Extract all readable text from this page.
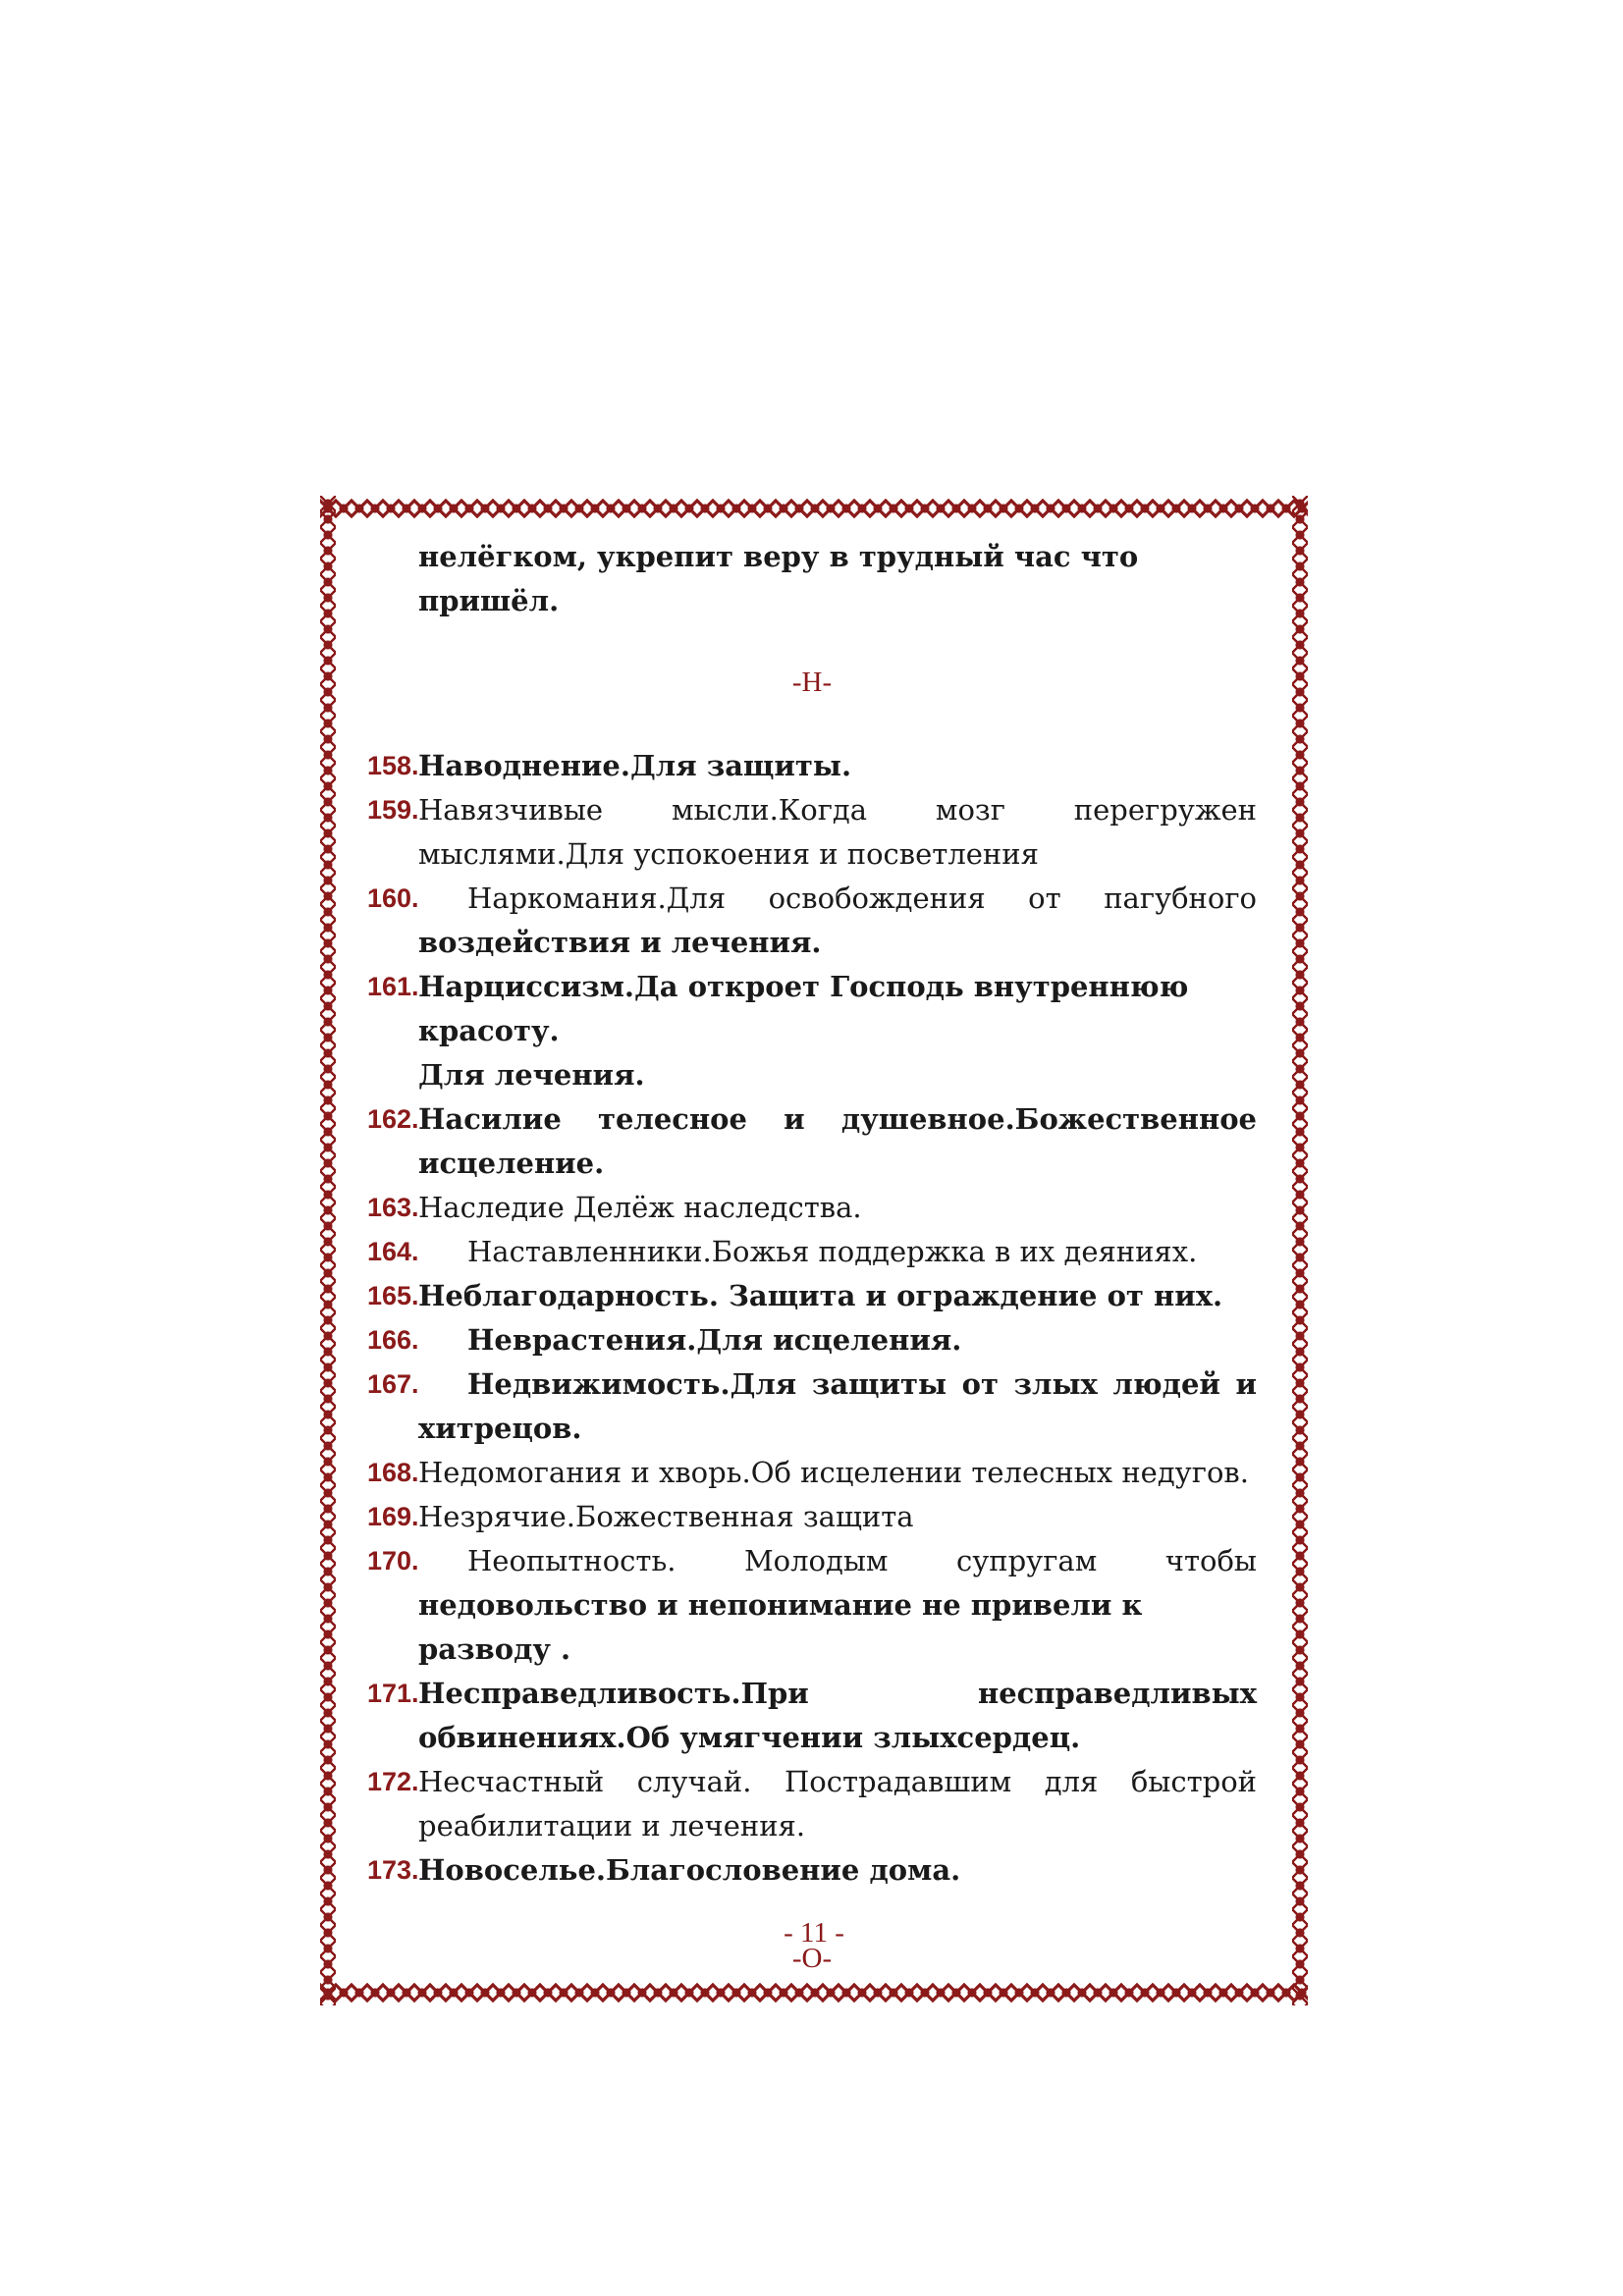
нелёгком, укрепит веру в трудный час что пришёл.
-Н-
158. Наводнение.Для защиты.
159. Навязчивые мысли.Когда мозг перегружен
мыслями.Для успокоения и посветления
160.	Наркомания.Для освобождения от пагубного
воздействия и лечения.
161. Нарциссизм.Да откроет Господь внутреннюю красоту.
Для лечения.
162. Насилие телесное и душевное.Божественное исцеление.
163. Наследие Делёж наследства.
164.	Наставленники.Божья поддержка в их деяниях.
165. Неблагодарность. Защита и ограждение от них.
166.	Неврастения.Для исцеления.
167.	Недвижимость.Для защиты от злых людей и
хитрецов.
168. Недомогания и хворь.Об исцелении телесных недугов.
169. Незрячие.Божественная защита
170.	Неопытность. Молодым супругам чтобы
недовольство и непонимание не привели к разводу .
171. Несправедливость.При несправедливых
обвинениях.Об умягчении злыхсердец.
172. Несчастный случай. Пострадавшим для быстрой
реабилитации и лечения.
173. Новоселье.Благословение дома.
-О-
- 11 -
